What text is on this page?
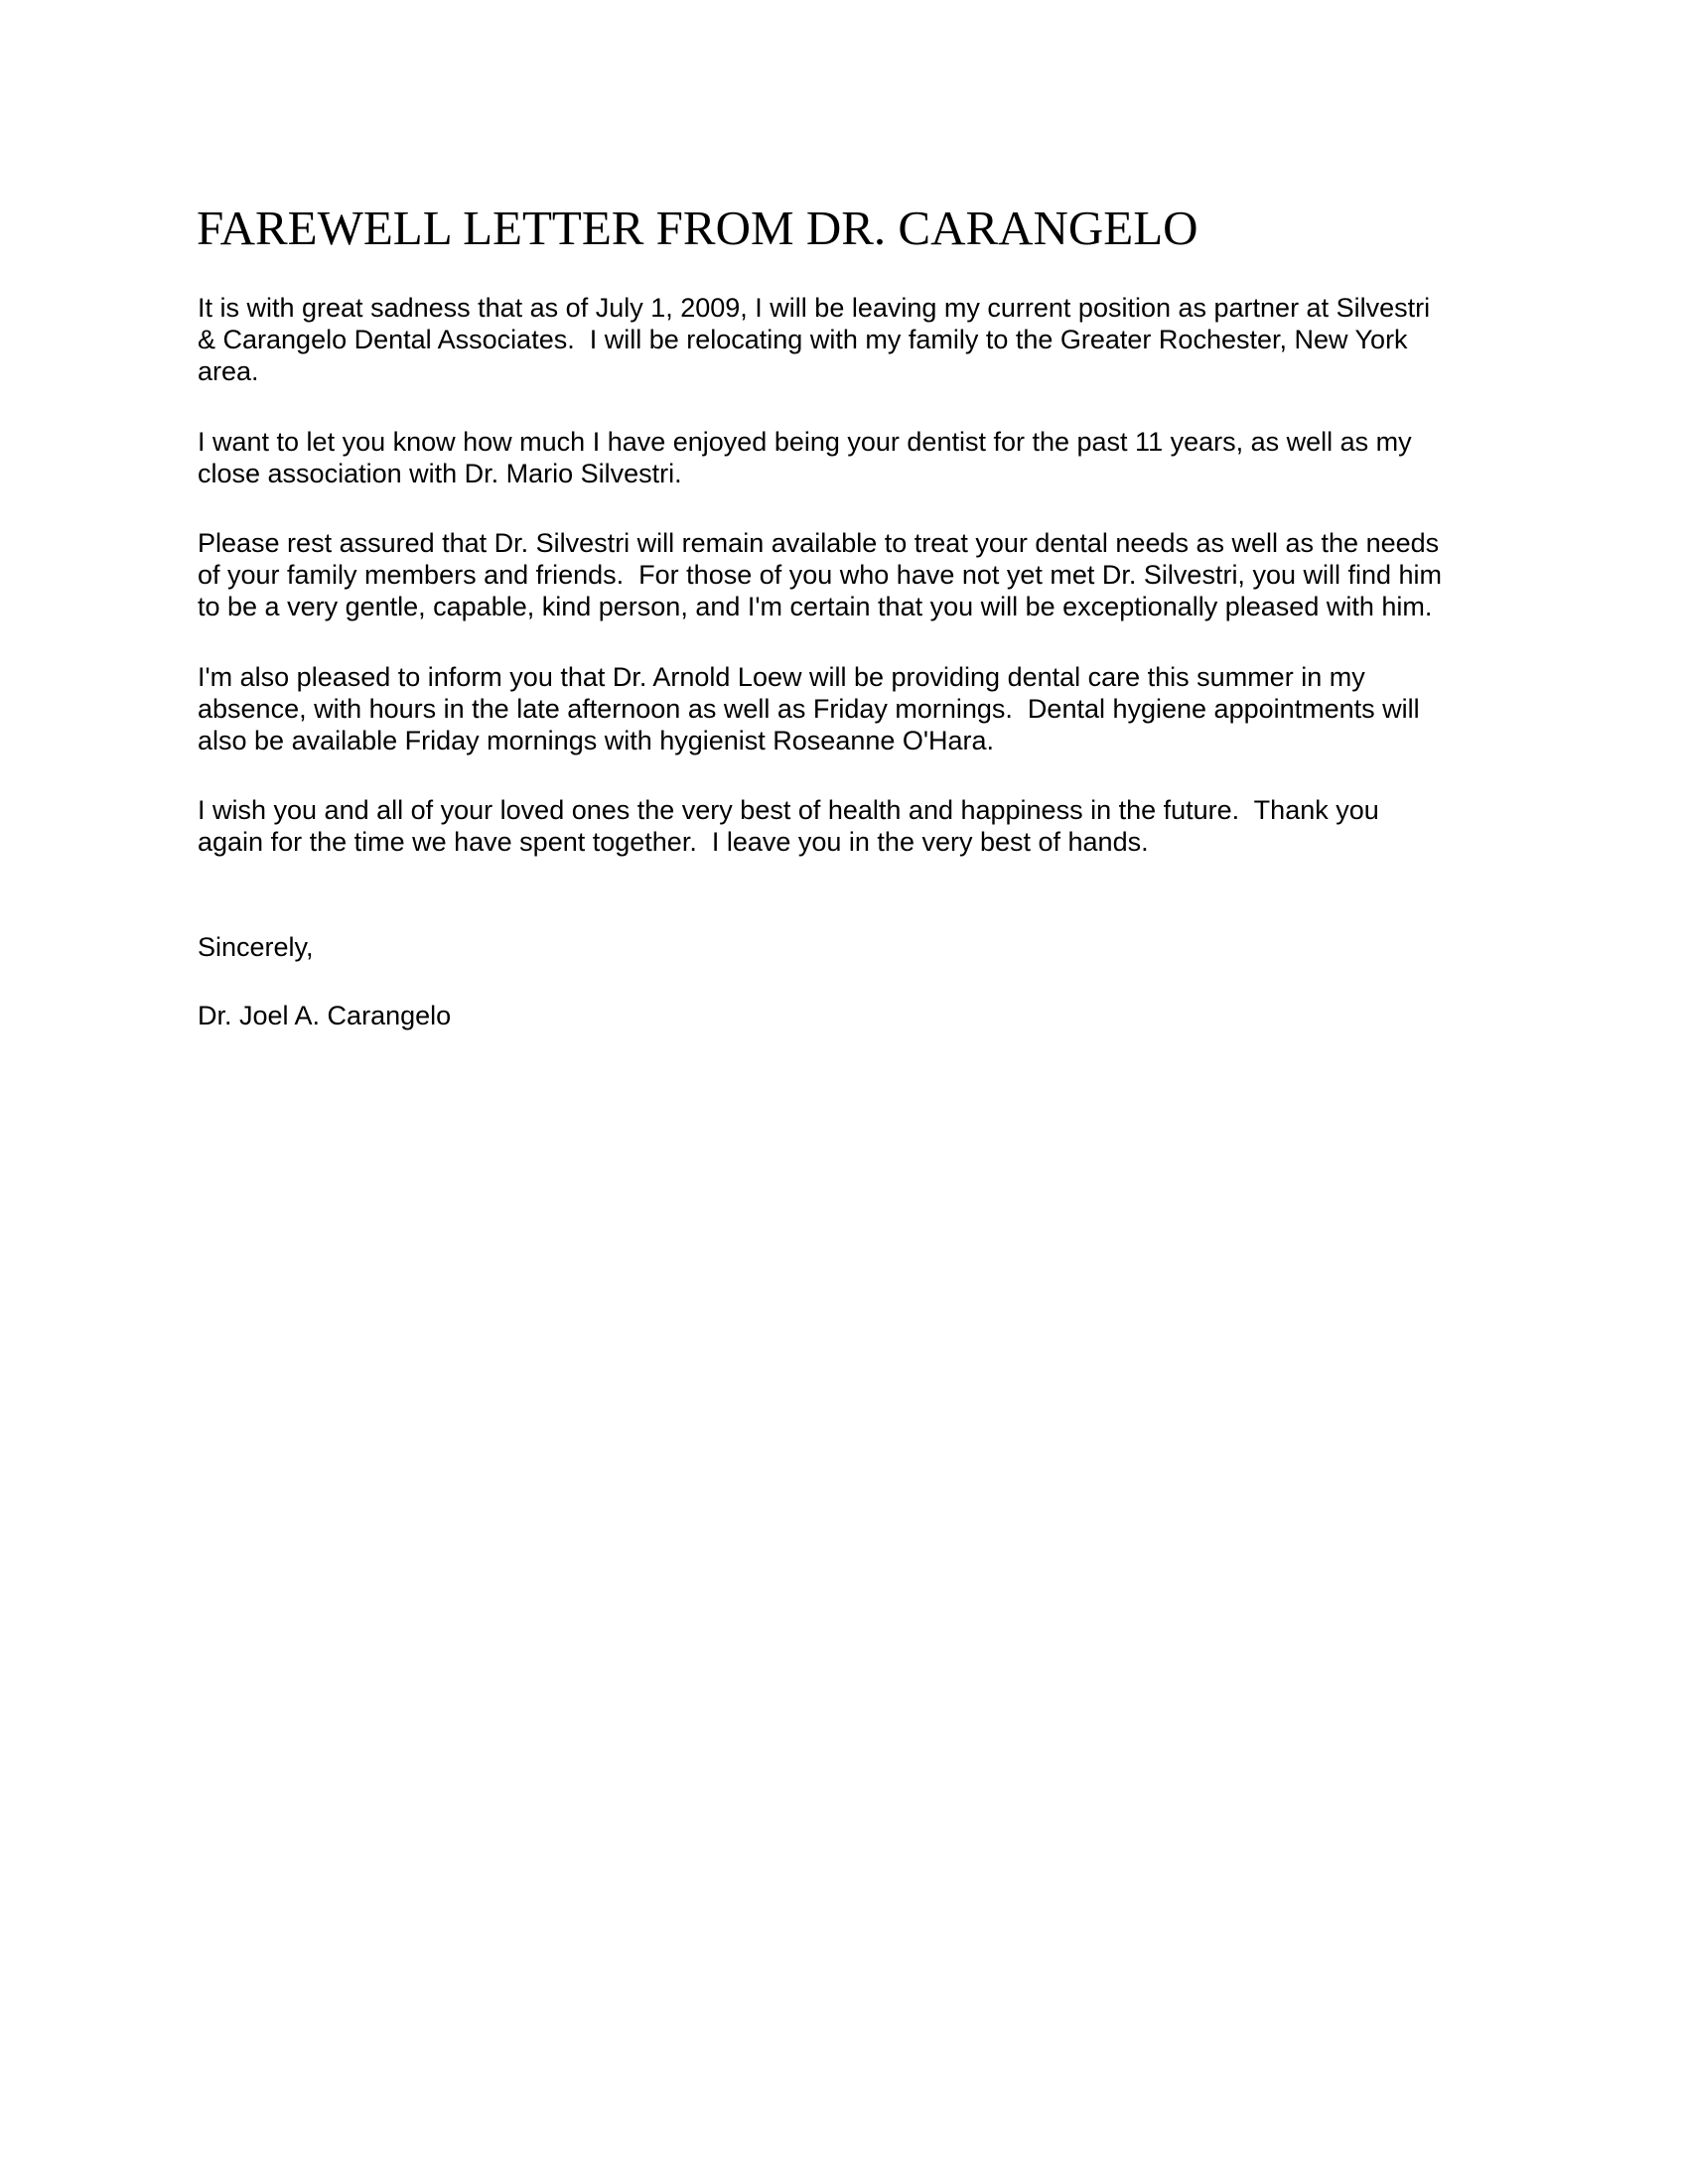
FAREWELL LETTER FROM DR. CARANGELO

It is with great sadness that as of July 1, 2009, I will be leaving my current position as partner at Silvestri
& Carangelo Dental Associates.  I will be relocating with my family to the Greater Rochester, New York
area.

I want to let you know how much I have enjoyed being your dentist for the past 11 years, as well as my
close association with Dr. Mario Silvestri.

Please rest assured that Dr. Silvestri will remain available to treat your dental needs as well as the needs
of your family members and friends.  For those of you who have not yet met Dr. Silvestri, you will find him
to be a very gentle, capable, kind person, and I'm certain that you will be exceptionally pleased with him.

I'm also pleased to inform you that Dr. Arnold Loew will be providing dental care this summer in my
absence, with hours in the late afternoon as well as Friday mornings.  Dental hygiene appointments will
also be available Friday mornings with hygienist Roseanne O'Hara.

I wish you and all of your loved ones the very best of health and happiness in the future.  Thank you
again for the time we have spent together.  I leave you in the very best of hands.

Sincerely,

Dr. Joel A. Carangelo
